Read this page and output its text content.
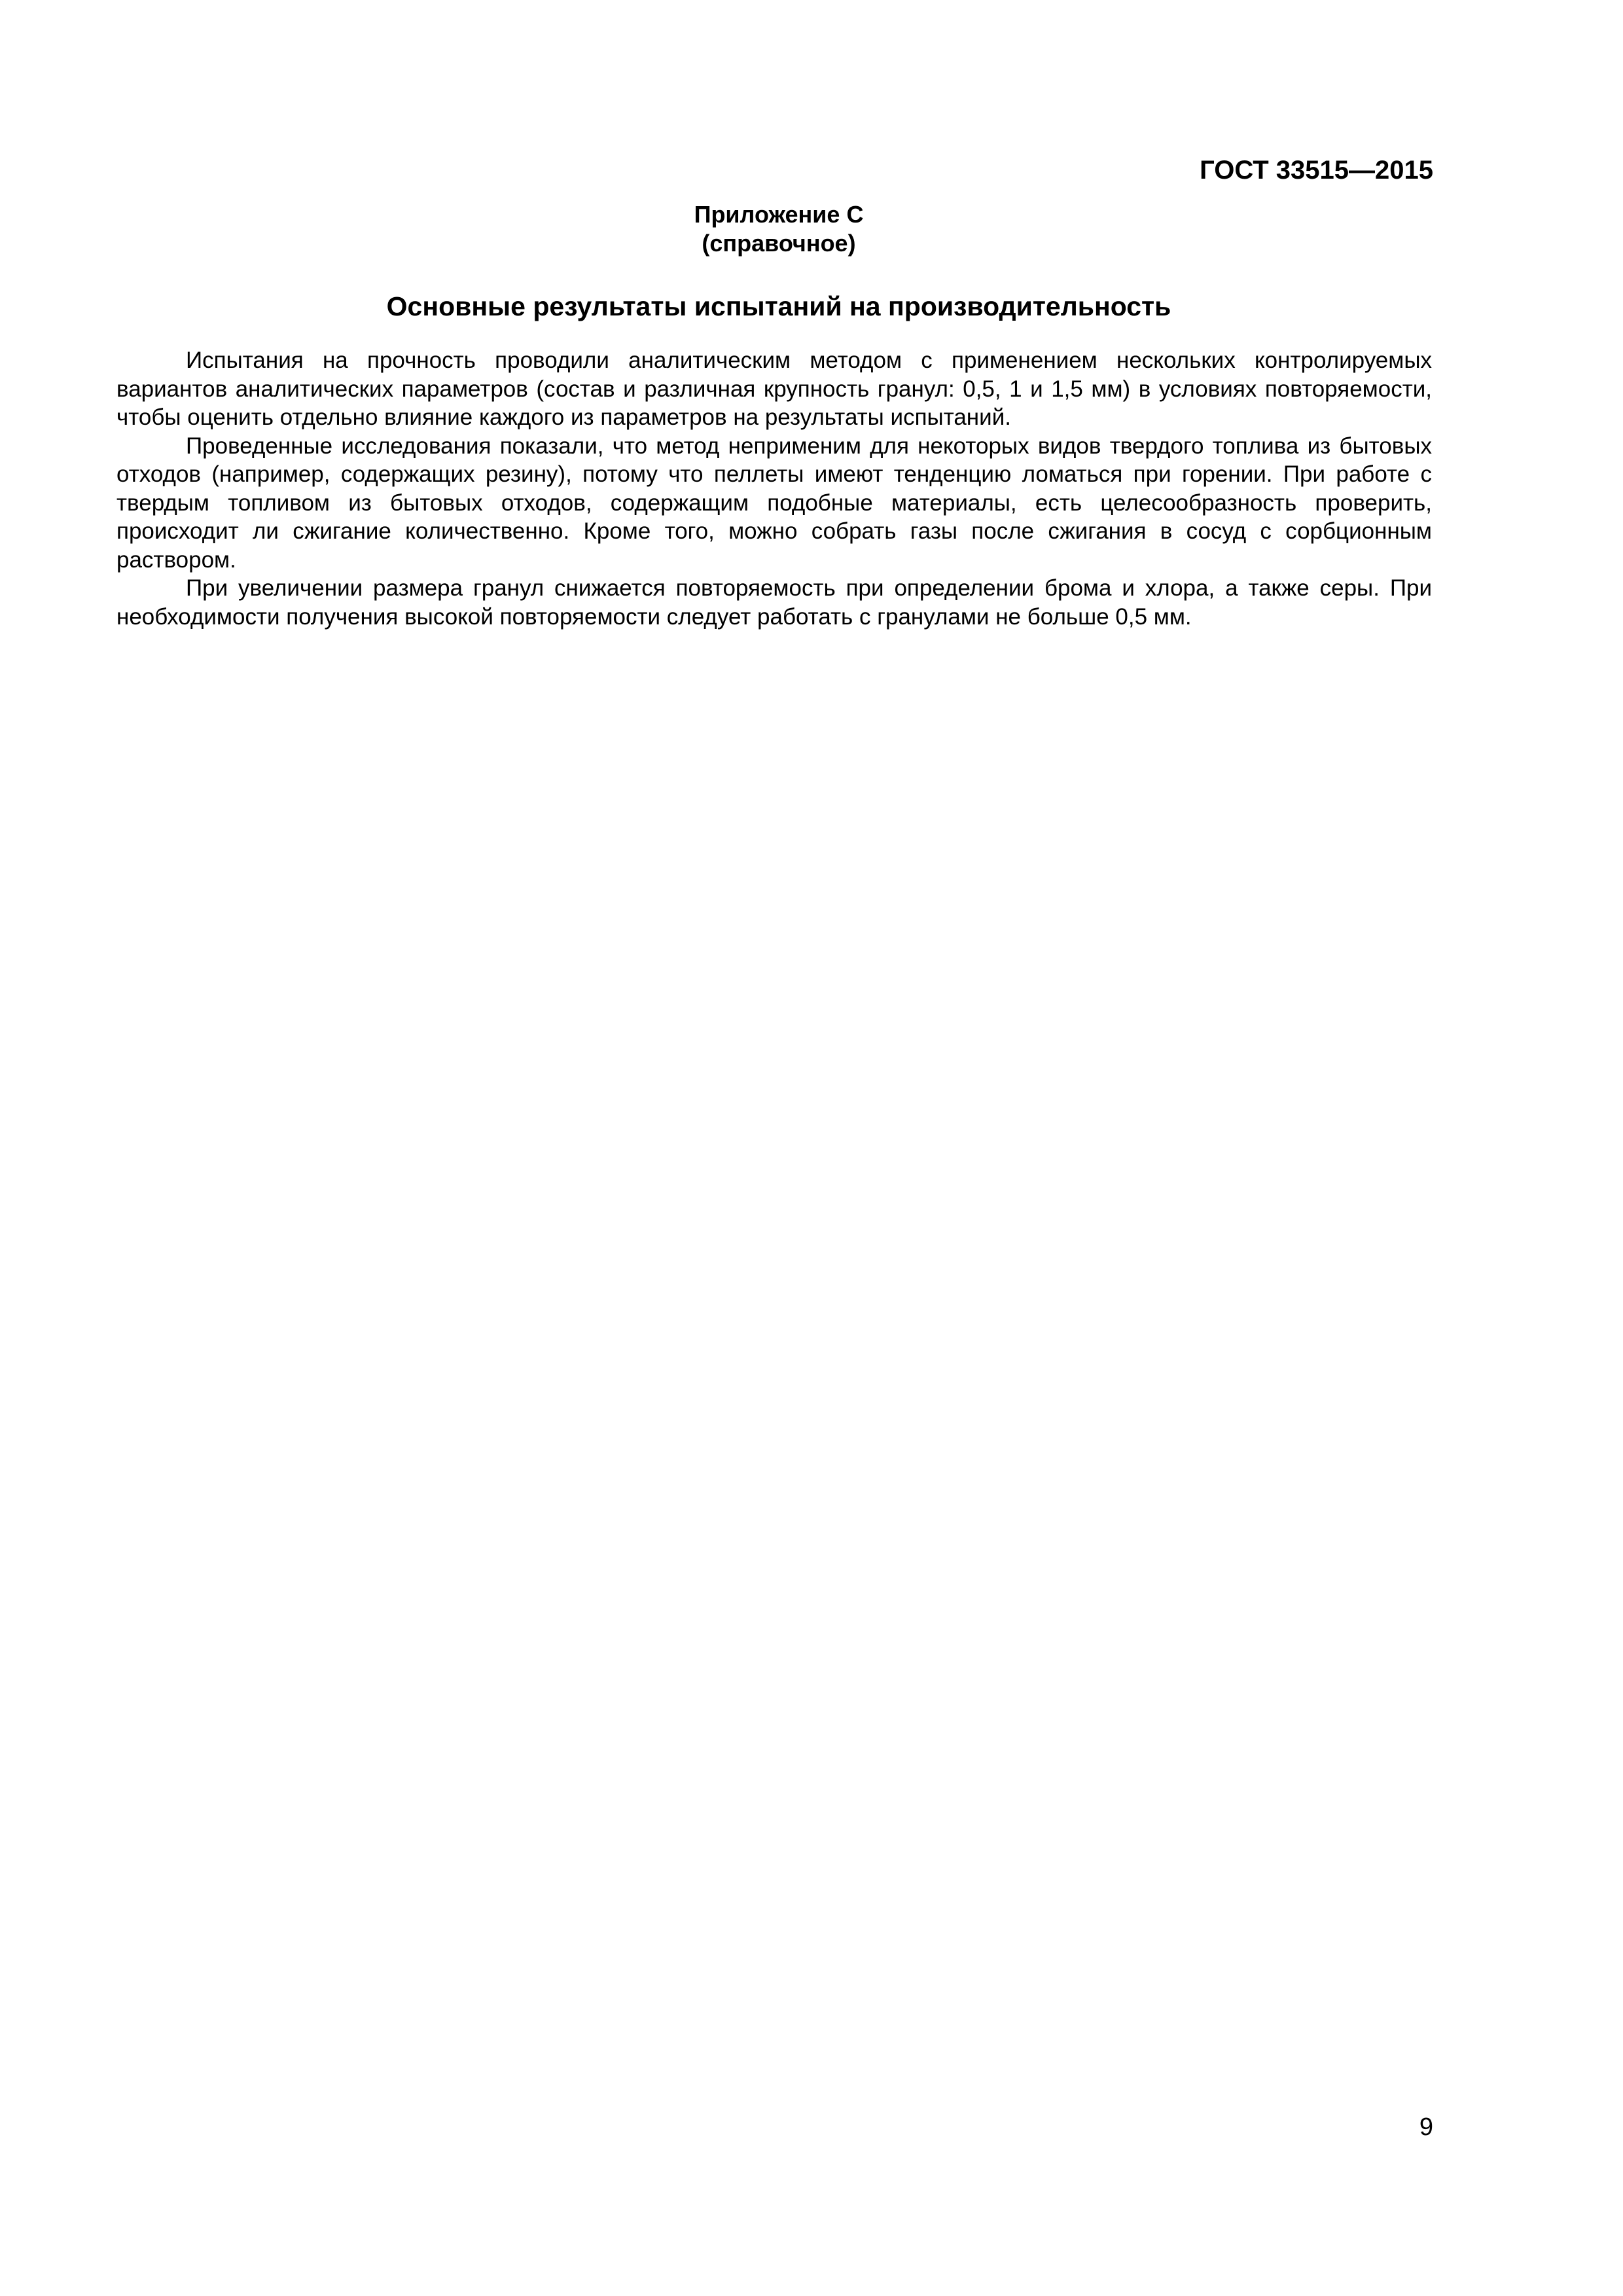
ГОСТ 33515—2015
Приложение С
(справочное)
Основные результаты испытаний на производительность

Испытания на прочность проводили аналитическим методом с применением нескольких контролируемых вариантов аналитических параметров (состав и различная крупность гранул: 0,5, 1 и 1,5 мм) в условиях повторяемости, чтобы оценить отдельно влияние каждого из параметров на результаты испытаний.

Проведенные исследования показали, что метод неприменим для некоторых видов твердого топлива из бытовых отходов (например, содержащих резину), потому что пеллеты имеют тенденцию ломаться при горении. При работе с твердым топливом из бытовых отходов, содержащим подобные материалы, есть целесообразность проверить, происходит ли сжигание количественно. Кроме того, можно собрать газы после сжигания в сосуд с сорбционным раствором.

При увеличении размера гранул снижается повторяемость при определении брома и хлора, а также серы. При необходимости получения высокой повторяемости следует работать с гранулами не больше 0,5 мм.

9
